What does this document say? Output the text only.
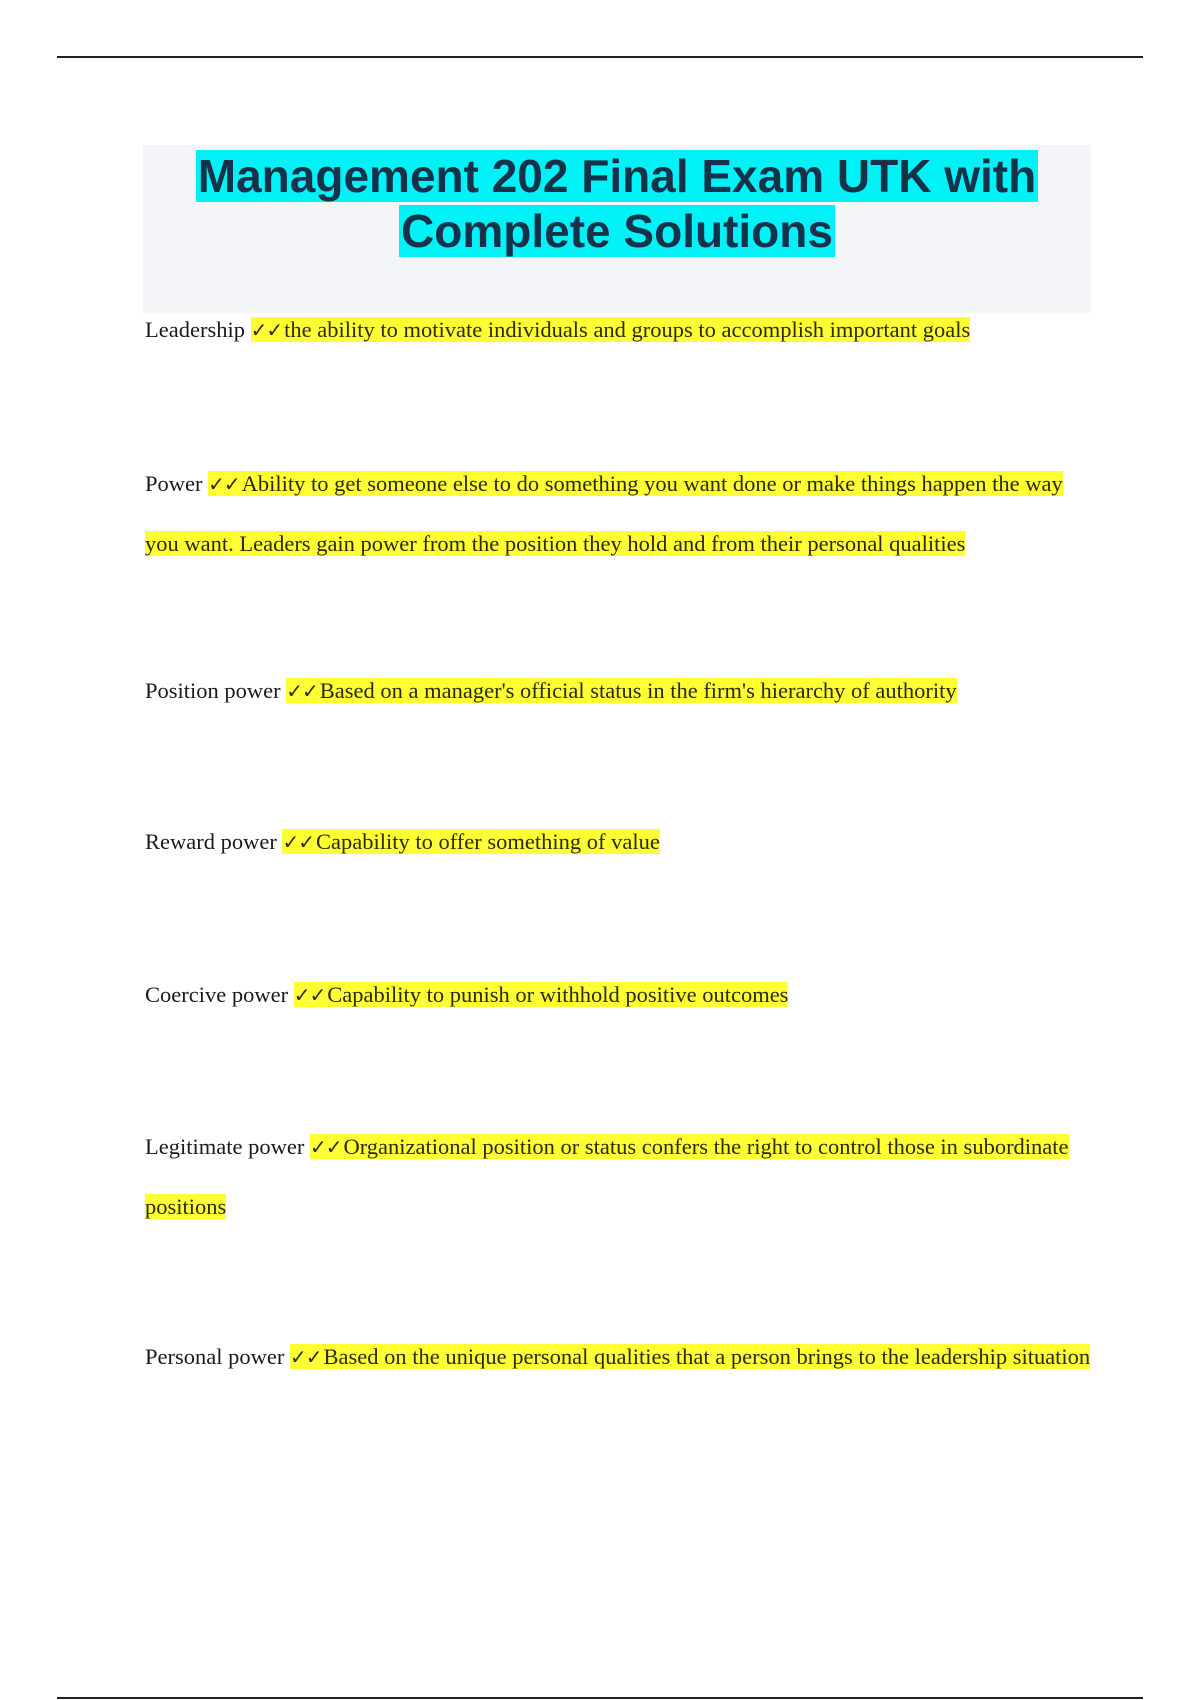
Management 202 Final Exam UTK with Complete Solutions

Leadership ✓✓the ability to motivate individuals and groups to accomplish important goals

Power ✓✓Ability to get someone else to do something you want done or make things happen the way you want. Leaders gain power from the position they hold and from their personal qualities

Position power ✓✓Based on a manager's official status in the firm's hierarchy of authority

Reward power ✓✓Capability to offer something of value

Coercive power ✓✓Capability to punish or withhold positive outcomes

Legitimate power ✓✓Organizational position or status confers the right to control those in subordinate positions

Personal power ✓✓Based on the unique personal qualities that a person brings to the leadership situation
